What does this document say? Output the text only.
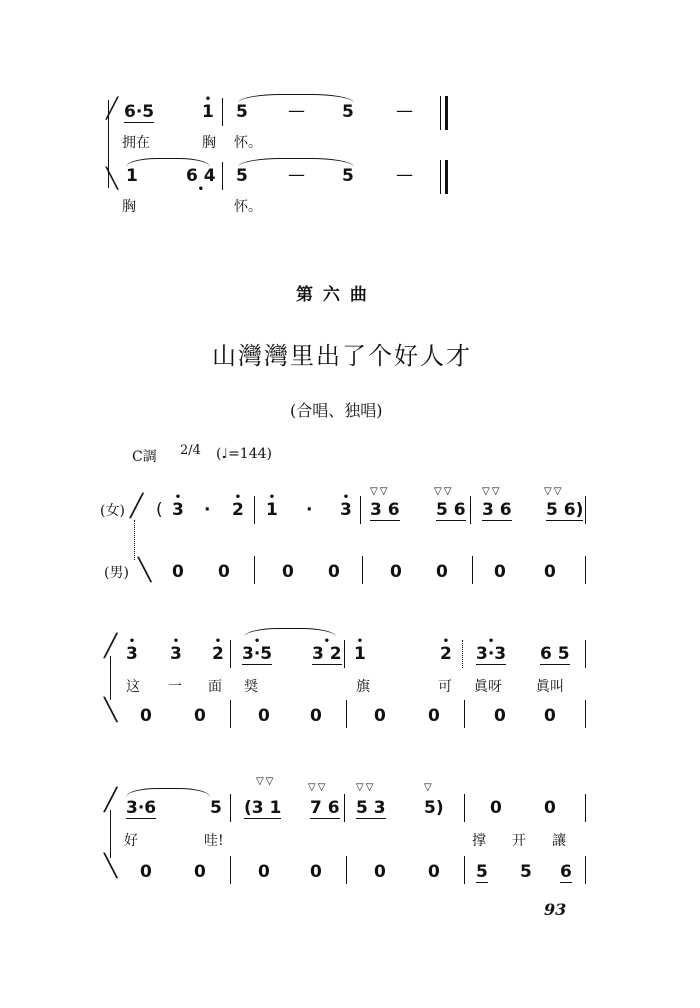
╱
╲
6·5	• 1 5 — 5 —
拥在	胸 怀。
1	• 6 4 5 — 5 —
胸	怀。
第 六 曲
山灣灣里出了个好人才
(合唱、独唱)
C調 2/4 (♩=144)
(女) ╱
(男) ╲
( • 3 · • 2 • 1 · • 3
▽▽
3 6
▽▽
5 6
▽▽
3 6
▽▽
5 6)
0 0	0 0	0 0	0 0
╱
╲
• 3 • 3 • 2 • 3·5 • 3 2 • 1	• 2 • 3·3 6 5
这 一 面 奨	旗	可 眞呀 眞叫
0 0	0 0	0 0	0 0
╱
╲
3·6	5
▽▽
(3 1
▽▽
7 6
▽▽
5 3
▽
5)	0 0
好	哇!	撑 开 讓
0 0	0 0	0 0 5 5 6
93
